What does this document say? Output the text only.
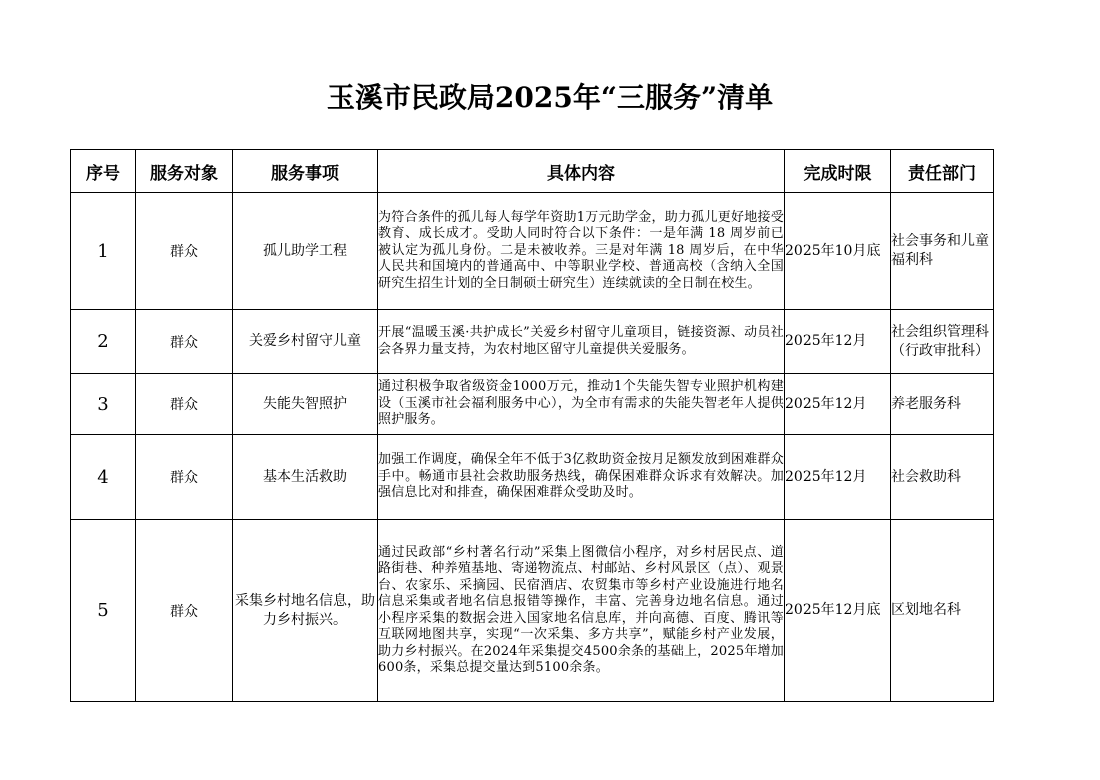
玉溪市民政局2025年“三服务”清单
序号	服务对象	服务事项	具体内容	完成时限	责任部门
1	群众	孤儿助学工程	为符合条件的孤儿每人每学年资助1万元助学金，助力孤儿更好地接受教育、成长成才。受助人同时符合以下条件：一是年满 18 周岁前已被认定为孤儿身份。二是未被收养。三是对年满 18 周岁后，在中华人民共和国境内的普通高中、中等职业学校、普通高校（含纳入全国研究生招生计划的全日制硕士研究生）连续就读的全日制在校生。	2025年10月底	社会事务和儿童福利科
2	群众	关爱乡村留守儿童	开展“温暖玉溪·共护成长”关爱乡村留守儿童项目，链接资源、动员社会各界力量支持，为农村地区留守儿童提供关爱服务。	2025年12月	社会组织管理科（行政审批科）
3	群众	失能失智照护	通过积极争取省级资金1000万元，推动1个失能失智专业照护机构建设（玉溪市社会福利服务中心），为全市有需求的失能失智老年人提供照护服务。	2025年12月	养老服务科
4	群众	基本生活救助	加强工作调度，确保全年不低于3亿救助资金按月足额发放到困难群众手中。畅通市县社会救助服务热线，确保困难群众诉求有效解决。加强信息比对和排查，确保困难群众受助及时。	2025年12月	社会救助科
5	群众	采集乡村地名信息，助力乡村振兴。	通过民政部“乡村著名行动”采集上图微信小程序，对乡村居民点、道路街巷、种养殖基地、寄递物流点、村邮站、乡村风景区（点）、观景台、农家乐、采摘园、民宿酒店、农贸集市等乡村产业设施进行地名信息采集或者地名信息报错等操作，丰富、完善身边地名信息。通过小程序采集的数据会进入国家地名信息库，并向高德、百度、腾讯等互联网地图共享，实现“一次采集、多方共享”，赋能乡村产业发展，助力乡村振兴。在2024年采集提交4500余条的基础上，2025年增加600条，采集总提交量达到5100余条。	2025年12月底	区划地名科
